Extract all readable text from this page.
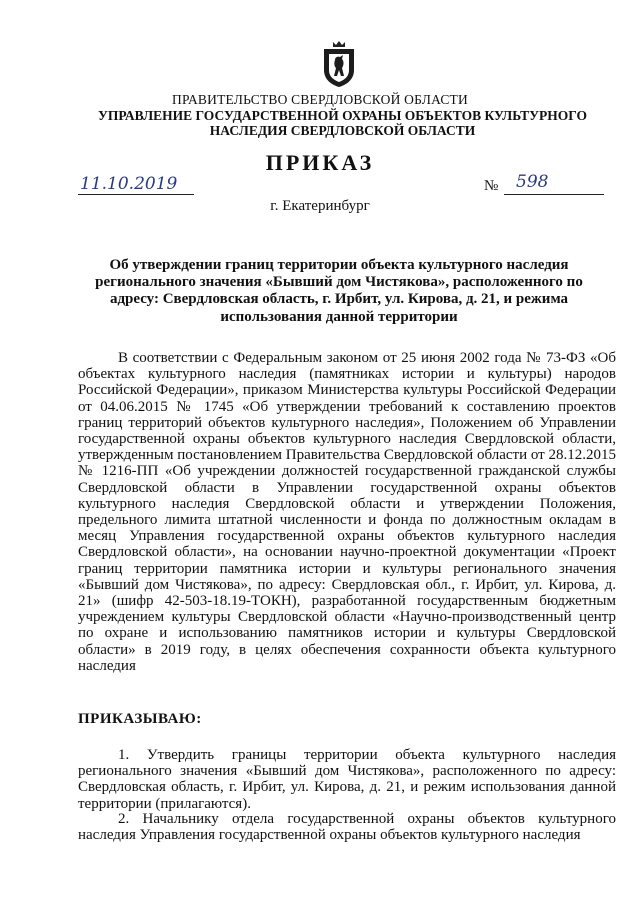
ПРАВИТЕЛЬСТВО СВЕРДЛОВСКОЙ ОБЛАСТИ
УПРАВЛЕНИЕ ГОСУДАРСТВЕННОЙ ОХРАНЫ ОБЪЕКТОВ КУЛЬТУРНОГО НАСЛЕДИЯ СВЕРДЛОВСКОЙ ОБЛАСТИ
ПРИКАЗ
11.10.2019	№ 598
г. Екатеринбург
Об утверждении границ территории объекта культурного наследия регионального значения «Бывший дом Чистякова», расположенного по адресу: Свердловская область, г. Ирбит, ул. Кирова, д. 21, и режима использования данной территории
В соответствии с Федеральным законом от 25 июня 2002 года № 73-ФЗ «Об объектах культурного наследия (памятниках истории и культуры) народов Российской Федерации», приказом Министерства культуры Российской Федерации от 04.06.2015 № 1745 «Об утверждении требований к составлению проектов границ территорий объектов культурного наследия», Положением об Управлении государственной охраны объектов культурного наследия Свердловской области, утвержденным постановлением Правительства Свердловской области от 28.12.2015 № 1216-ПП «Об учреждении должностей государственной гражданской службы Свердловской области в Управлении государственной охраны объектов культурного наследия Свердловской области и утверждении Положения, предельного лимита штатной численности и фонда по должностным окладам в месяц Управления государственной охраны объектов культурного наследия Свердловской области», на основании научно-проектной документации «Проект границ территории памятника истории и культуры регионального значения «Бывший дом Чистякова», по адресу: Свердловская обл., г. Ирбит, ул. Кирова, д. 21» (шифр 42-503-18.19-ТОКН), разработанной государственным бюджетным учреждением культуры Свердловской области «Научно-производственный центр по охране и использованию памятников истории и культуры Свердловской области» в 2019 году, в целях обеспечения сохранности объекта культурного наследия
ПРИКАЗЫВАЮ:
1. Утвердить границы территории объекта культурного наследия регионального значения «Бывший дом Чистякова», расположенного по адресу: Свердловская область, г. Ирбит, ул. Кирова, д. 21, и режим использования данной территории (прилагаются).
2. Начальнику отдела государственной охраны объектов культурного наследия Управления государственной охраны объектов культурного наследия
